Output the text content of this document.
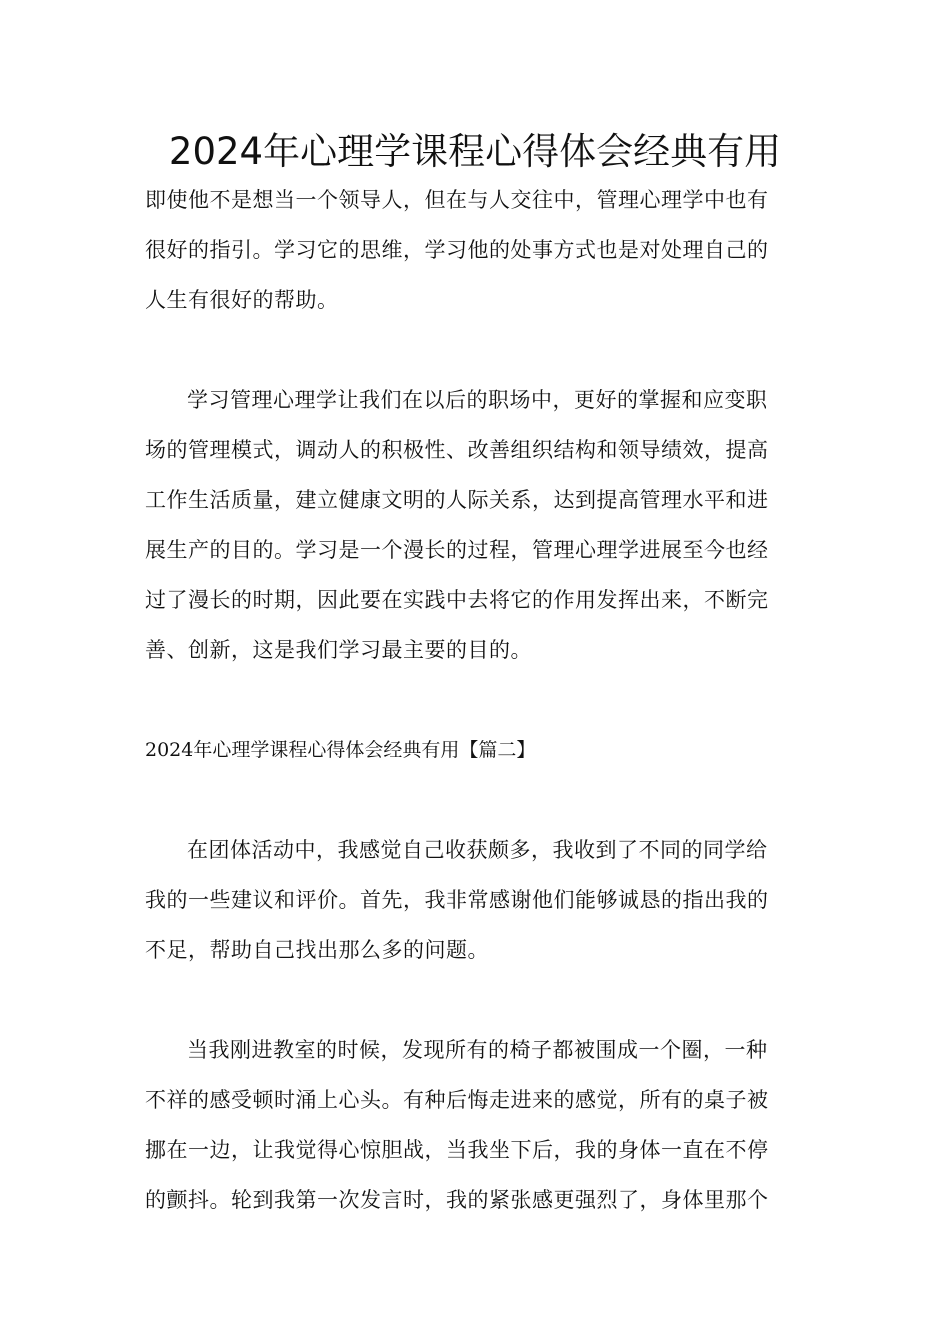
2024年心理学课程心得体会经典有用
即使他不是想当一个领导人，但在与人交往中，管理心理学中也有
很好的指引。学习它的思维，学习他的处事方式也是对处理自己的
人生有很好的帮助。
学习管理心理学让我们在以后的职场中，更好的掌握和应变职
场的管理模式，调动人的积极性、改善组织结构和领导绩效，提高
工作生活质量，建立健康文明的人际关系，达到提高管理水平和进
展生产的目的。学习是一个漫长的过程，管理心理学进展至今也经
过了漫长的时期，因此要在实践中去将它的作用发挥出来，不断完
善、创新，这是我们学习最主要的目的。
2024年心理学课程心得体会经典有用【篇二】
在团体活动中，我感觉自己收获颇多，我收到了不同的同学给
我的一些建议和评价。首先，我非常感谢他们能够诚恳的指出我的
不足，帮助自己找出那么多的问题。
当我刚进教室的时候，发现所有的椅子都被围成一个圈，一种
不祥的感受顿时涌上心头。有种后悔走进来的感觉，所有的桌子被
挪在一边，让我觉得心惊胆战，当我坐下后，我的身体一直在不停
的颤抖。轮到我第一次发言时，我的紧张感更强烈了，身体里那个
